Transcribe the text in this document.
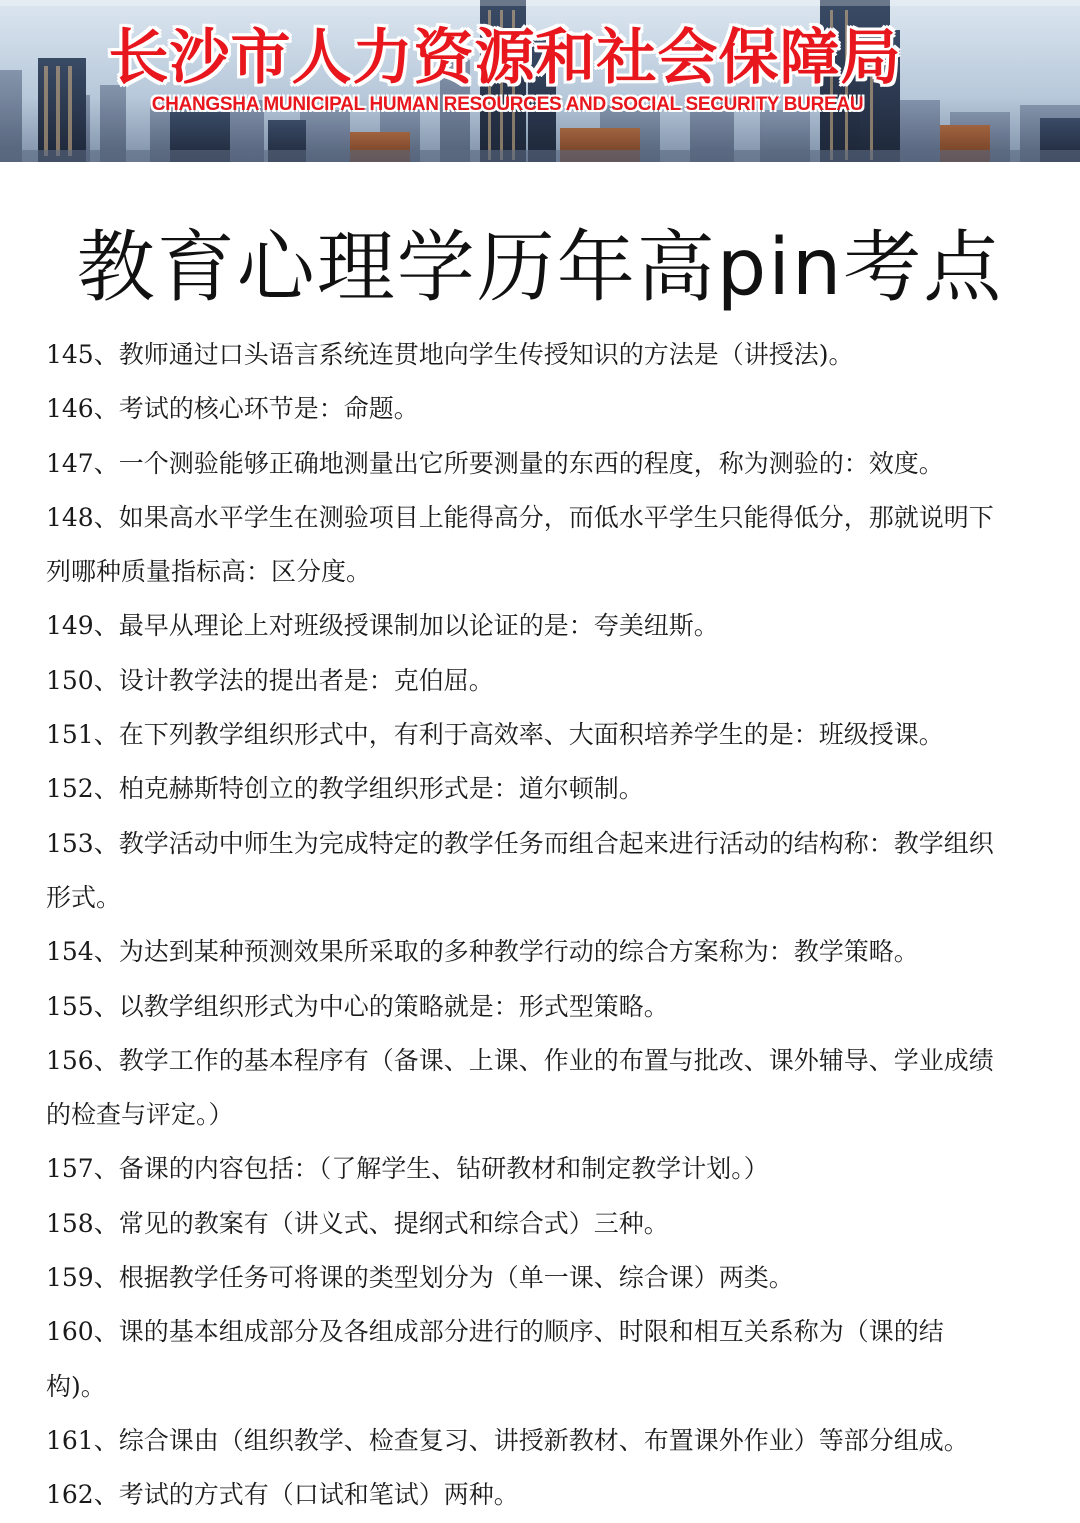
长沙市人力资源和社会保障局
CHANGSHA MUNICIPAL HUMAN RESOURCES AND SOCIAL SECURITY BUREAU
教育心理学历年高pin考点
145、教师通过口头语言系统连贯地向学生传授知识的方法是（讲授法)。
146、考试的核心环节是：命题。
147、一个测验能够正确地测量出它所要测量的东西的程度，称为测验的：效度。
148、如果高水平学生在测验项目上能得高分，而低水平学生只能得低分，那就说明下列哪种质量指标高：区分度。
149、最早从理论上对班级授课制加以论证的是：夸美纽斯。
150、设计教学法的提出者是：克伯屈。
151、在下列教学组织形式中，有利于高效率、大面积培养学生的是：班级授课。
152、柏克赫斯特创立的教学组织形式是：道尔顿制。
153、教学活动中师生为完成特定的教学任务而组合起来进行活动的结构称：教学组织形式。
154、为达到某种预测效果所采取的多种教学行动的综合方案称为：教学策略。
155、以教学组织形式为中心的策略就是：形式型策略。
156、教学工作的基本程序有（备课、上课、作业的布置与批改、课外辅导、学业成绩的检查与评定。）
157、备课的内容包括：（了解学生、钻研教材和制定教学计划。）
158、常见的教案有（讲义式、提纲式和综合式）三种。
159、根据教学任务可将课的类型划分为（单一课、综合课）两类。
160、课的基本组成部分及各组成部分进行的顺序、时限和相互关系称为（课的结构)。
161、综合课由（组织教学、检查复习、讲授新教材、布置课外作业）等部分组成。
162、考试的方式有（口试和笔试）两种。
